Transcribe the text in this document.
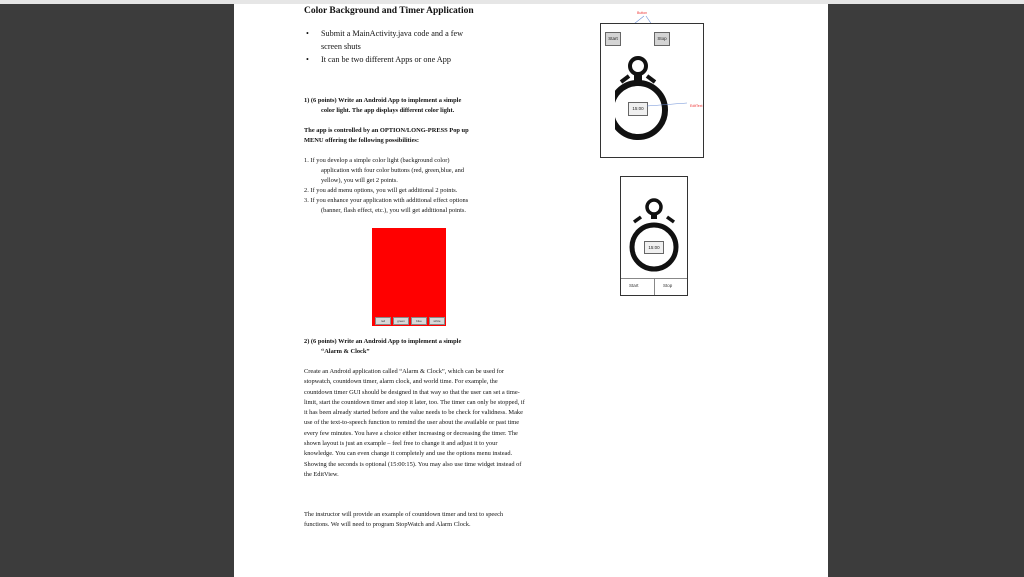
Color Background and Timer Application
• Submit a MainActivity.java code and a few
screen shuts
• It can be two different Apps or one App
1) (6 points) Write an Android App to implement a simple
color light. The app displays different color light.
The app is controlled by an OPTION/LONG-PRESS Pop up
MENU offering the following possibilities:
1. If you develop a simple color light (background color)
application with four color buttons (red, green,blue, and
yellow), you will get 2 points.
2. If you add menu options, you will get additional 2 points.
3. If you enhance your application with additional effect options
(banner, flash effect, etc.), you will get additional points.
red	green	blue	white
2) (6 points) Write an Android App to implement a simple
“Alarm & Clock”
Create an Android application called “Alarm & Clock”, which can be used for stopwatch, countdown timer, alarm clock, and world time. For example, the countdown timer GUI should be designed in that way so that the user can set a time-limit, start the countdown timer and stop it later, too. The timer can only be stopped, if it has been already started before and the value needs to be check for validness. Make use of the text-to-speech function to remind the user about the available or past time every few minutes. You have a choice either increasing or decreasing the timer. The shown layout is just an example – feel free to change it and adjust it to your knowledge. You can even change it completely and use the options menu instead. Showing the seconds is optional (15:00:15). You may also use time widget instead of the EditView.
The instructor will provide an example of countdown timer and text to speech functions. We will need to program StopWatch and Alarm Clock.
Button
Start	Stop
15:00	EditText
15:00
Start	Stop
